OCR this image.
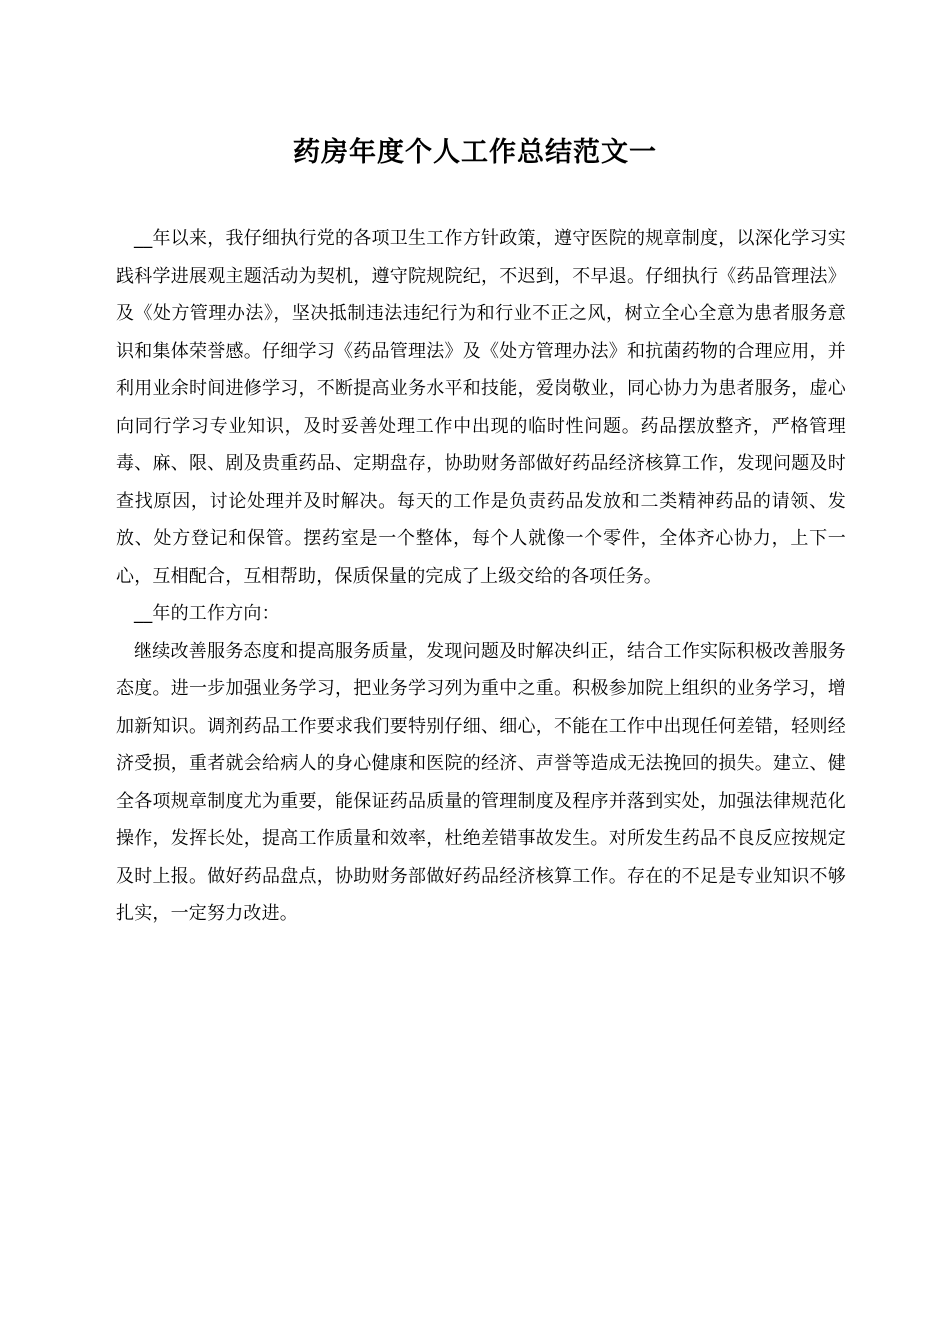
药房年度个人工作总结范文一

__年以来，我仔细执行党的各项卫生工作方针政策，遵守医院的规章制度，以深化学习实践科学进展观主题活动为契机，遵守院规院纪，不迟到，不早退。仔细执行《药品管理法》及《处方管理办法》，坚决抵制违法违纪行为和行业不正之风，树立全心全意为患者服务意识和集体荣誉感。仔细学习《药品管理法》及《处方管理办法》和抗菌药物的合理应用，并利用业余时间进修学习，不断提高业务水平和技能，爱岗敬业，同心协力为患者服务，虚心向同行学习专业知识，及时妥善处理工作中出现的临时性问题。药品摆放整齐，严格管理毒、麻、限、剧及贵重药品、定期盘存，协助财务部做好药品经济核算工作，发现问题及时查找原因，讨论处理并及时解决。每天的工作是负责药品发放和二类精神药品的请领、发放、处方登记和保管。摆药室是一个整体，每个人就像一个零件，全体齐心协力，上下一心，互相配合，互相帮助，保质保量的完成了上级交给的各项任务。

__年的工作方向：

继续改善服务态度和提高服务质量，发现问题及时解决纠正，结合工作实际积极改善服务态度。进一步加强业务学习，把业务学习列为重中之重。积极参加院上组织的业务学习，增加新知识。调剂药品工作要求我们要特别仔细、细心，不能在工作中出现任何差错，轻则经济受损，重者就会给病人的身心健康和医院的经济、声誉等造成无法挽回的损失。建立、健全各项规章制度尤为重要，能保证药品质量的管理制度及程序并落到实处，加强法律规范化操作，发挥长处，提高工作质量和效率，杜绝差错事故发生。对所发生药品不良反应按规定及时上报。做好药品盘点，协助财务部做好药品经济核算工作。存在的不足是专业知识不够扎实，一定努力改进。
